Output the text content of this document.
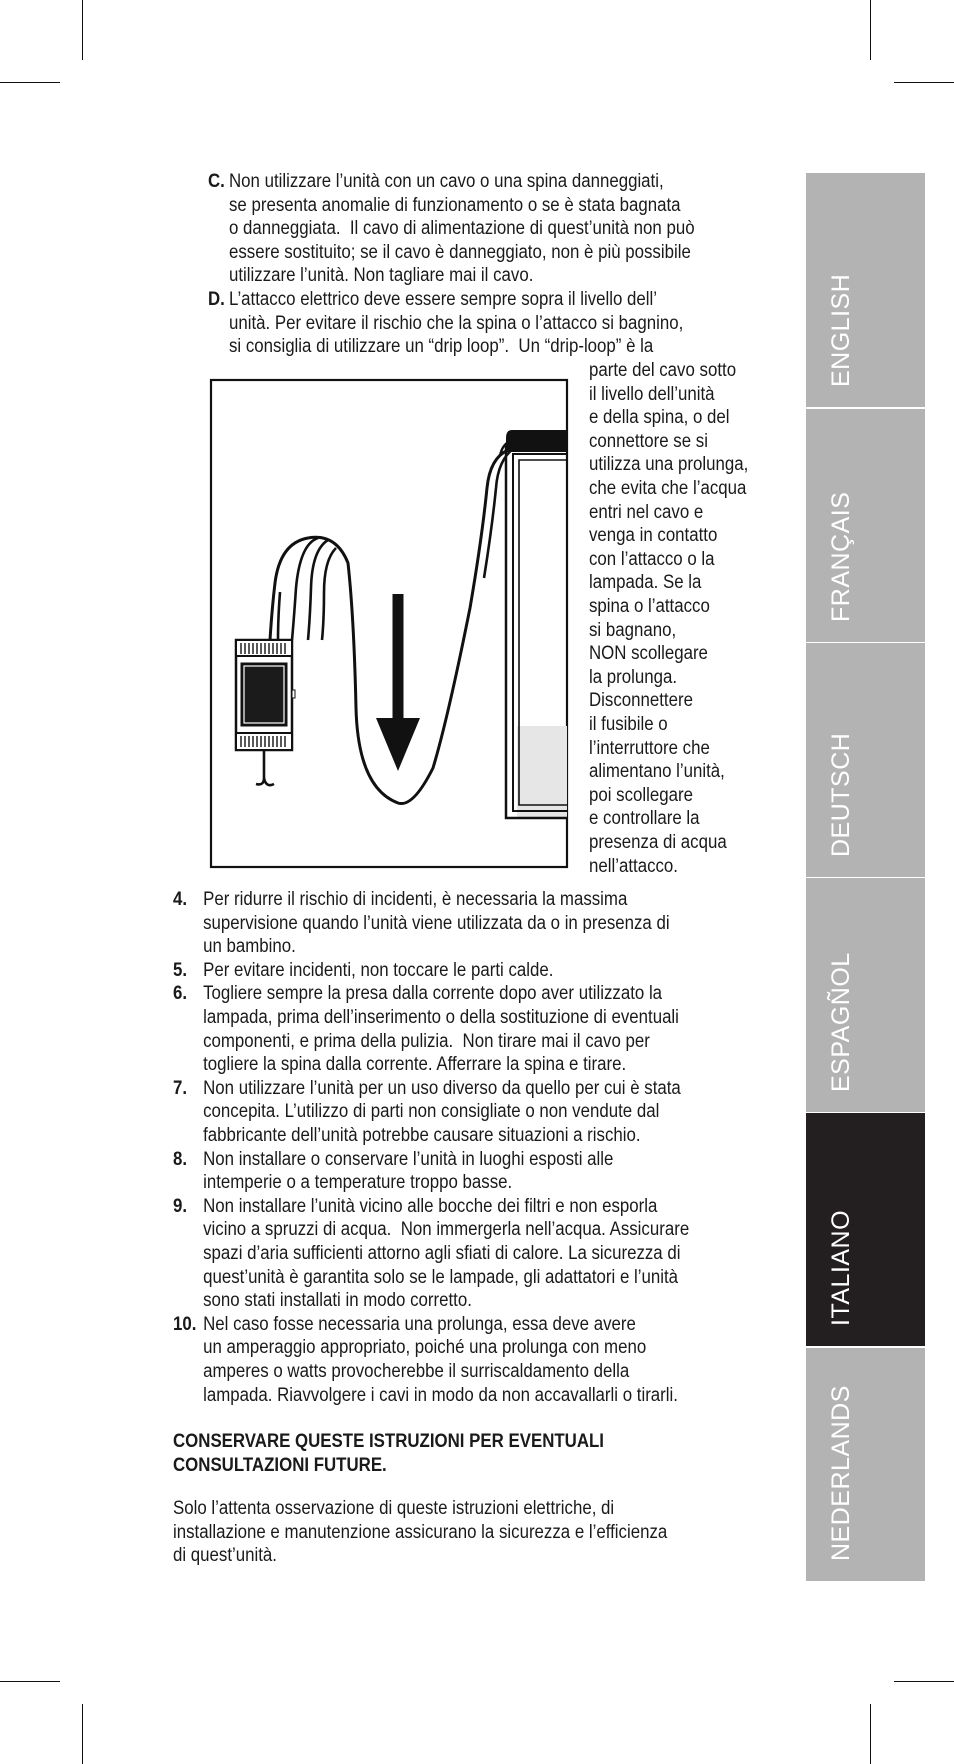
C.

Non utilizzare l’unità con un cavo o una spina danneggiati,

se presenta anomalie di funzionamento o se è stata bagnata

o danneggiata.  Il cavo di alimentazione di quest’unità non può

essere sostituito; se il cavo è danneggiato, non è più possibile

utilizzare l’unità. Non tagliare mai il cavo.

D.

L’attacco elettrico deve essere sempre sopra il livello dell’

unità. Per evitare il rischio che la spina o l’attacco si bagnino,

si consiglia di utilizzare un “drip loop”.  Un “drip-loop” è la

parte del cavo sotto
il livello dell’unità
e della spina, o del
connettore se si
utilizza una prolunga,
che evita che l’acqua
entri nel cavo e
venga in contatto
con l’attacco o la
lampada. Se la
spina o l’attacco
si bagnano,
NON scollegare
la prolunga.
Disconnettere
il fusibile o
l’interruttore che
alimentano l’unità,
poi scollegare
e controllare la
presenza di acqua
nell’attacco.
4. Per ridurre il rischio di incidenti, è necessaria la massima
supervisione quando l’unità viene utilizzata da o in presenza di
un bambino.
5. Per evitare incidenti, non toccare le parti calde.
6. Togliere sempre la presa dalla corrente dopo aver utilizzato la
lampada, prima dell’inserimento o della sostituzione di eventuali
componenti, e prima della pulizia.  Non tirare mai il cavo per
togliere la spina dalla corrente. Afferrare la spina e tirare.
7. Non utilizzare l’unità per un uso diverso da quello per cui è stata
concepita. L’utilizzo di parti non consigliate o non vendute dal
fabbricante dell’unità potrebbe causare situazioni a rischio.
8. Non installare o conservare l’unità in luoghi esposti alle
intemperie o a temperature troppo basse.
9. Non installare l’unità vicino alle bocche dei filtri e non esporla
vicino a spruzzi di acqua.  Non immergerla nell’acqua. Assicurare
spazi d’aria sufficienti attorno agli sfiati di calore. La sicurezza di
quest’unità è garantita solo se le lampade, gli adattatori e l’unità
sono stati installati in modo corretto.
10. Nel caso fosse necessaria una prolunga, essa deve avere
un amperaggio appropriato, poiché una prolunga con meno
amperes o watts provocherebbe il surriscaldamento della
lampada. Riavvolgere i cavi in modo da non accavallarli o tirarli.

CONSERVARE QUESTE ISTRUZIONI PER EVENTUALI

CONSULTAZIONI FUTURE.

Solo l’attenta osservazione di queste istruzioni elettriche, di

installazione e manutenzione assicurano la sicurezza e l’efficienza

di quest’unità.

ENGLISH
FRANÇAIS
DEUTSCH
ESPAGÑOL
ITALIANO
NEDERLANDS
